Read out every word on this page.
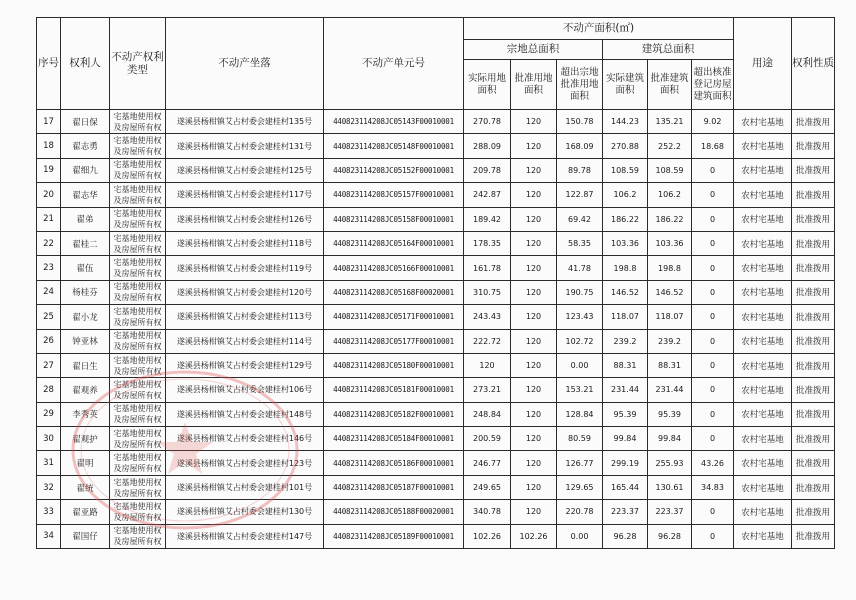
序号	权利人	不动产权利类型	不动产坐落	不动产单元号	不动产面积(㎡)						用途	权利性质
					宗地总面积			建筑总面积				
					实际用地面积	批准用地面积	超出宗地批准用地面积	实际建筑面积	批准建筑面积	超出核准登记房屋建筑面积		
17	翟日保	宅基地使用权及房屋所有权	遂溪县杨柑镇艾占村委会建桂村135号	440823114208JC05143F00010001	270.78	120	150.78	144.23	135.21	9.02	农村宅基地	批准拨用
18	翟志勇	宅基地使用权及房屋所有权	遂溪县杨柑镇艾占村委会建桂村131号	440823114208JC05148F00010001	288.09	120	168.09	270.88	252.2	18.68	农村宅基地	批准拨用
19	翟细九	宅基地使用权及房屋所有权	遂溪县杨柑镇艾占村委会建桂村125号	440823114208JC05152F00010001	209.78	120	89.78	108.59	108.59	0	农村宅基地	批准拨用
20	翟志华	宅基地使用权及房屋所有权	遂溪县杨柑镇艾占村委会建桂村117号	440823114208JC05157F00010001	242.87	120	122.87	106.2	106.2	0	农村宅基地	批准拨用
21	翟弟	宅基地使用权及房屋所有权	遂溪县杨柑镇艾占村委会建桂村126号	440823114208JC05158F00010001	189.42	120	69.42	186.22	186.22	0	农村宅基地	批准拨用
22	翟桂二	宅基地使用权及房屋所有权	遂溪县杨柑镇艾占村委会建桂村118号	440823114208JC05164F00010001	178.35	120	58.35	103.36	103.36	0	农村宅基地	批准拨用
23	翟伍	宅基地使用权及房屋所有权	遂溪县杨柑镇艾占村委会建桂村119号	440823114208JC05166F00010001	161.78	120	41.78	198.8	198.8	0	农村宅基地	批准拨用
24	杨桂芬	宅基地使用权及房屋所有权	遂溪县杨柑镇艾占村委会建桂村120号	440823114208JC05168F00020001	310.75	120	190.75	146.52	146.52	0	农村宅基地	批准拨用
25	翟小龙	宅基地使用权及房屋所有权	遂溪县杨柑镇艾占村委会建桂村113号	440823114208JC05171F00010001	243.43	120	123.43	118.07	118.07	0	农村宅基地	批准拨用
26	钟亚林	宅基地使用权及房屋所有权	遂溪县杨柑镇艾占村委会建桂村114号	440823114208JC05177F00010001	222.72	120	102.72	239.2	239.2	0	农村宅基地	批准拨用
27	翟日生	宅基地使用权及房屋所有权	遂溪县杨柑镇艾占村委会建桂村129号	440823114208JC05180F00010001	120	120	0.00	88.31	88.31	0	农村宅基地	批准拨用
28	翟观养	宅基地使用权及房屋所有权	遂溪县杨柑镇艾占村委会建桂村106号	440823114208JC05181F00010001	273.21	120	153.21	231.44	231.44	0	农村宅基地	批准拨用
29	李秀英	宅基地使用权及房屋所有权	遂溪县杨柑镇艾占村委会建桂村148号	440823114208JC05182F00010001	248.84	120	128.84	95.39	95.39	0	农村宅基地	批准拨用
30	翟观护	宅基地使用权及房屋所有权	遂溪县杨柑镇艾占村委会建桂村146号	440823114208JC05184F00010001	200.59	120	80.59	99.84	99.84	0	农村宅基地	批准拨用
31	翟明	宅基地使用权及房屋所有权	遂溪县杨柑镇艾占村委会建桂村123号	440823114208JC05186F00010001	246.77	120	126.77	299.19	255.93	43.26	农村宅基地	批准拨用
32	翟统	宅基地使用权及房屋所有权	遂溪县杨柑镇艾占村委会建桂村101号	440823114208JC05187F00010001	249.65	120	129.65	165.44	130.61	34.83	农村宅基地	批准拨用
33	翟亚路	宅基地使用权及房屋所有权	遂溪县杨柑镇艾占村委会建桂村130号	440823114208JC05188F00020001	340.78	120	220.78	223.37	223.37	0	农村宅基地	批准拨用
34	翟国仔	宅基地使用权及房屋所有权	遂溪县杨柑镇艾占村委会建桂村147号	440823114208JC05189F00010001	102.26	102.26	0.00	96.28	96.28	0	农村宅基地	批准拨用
